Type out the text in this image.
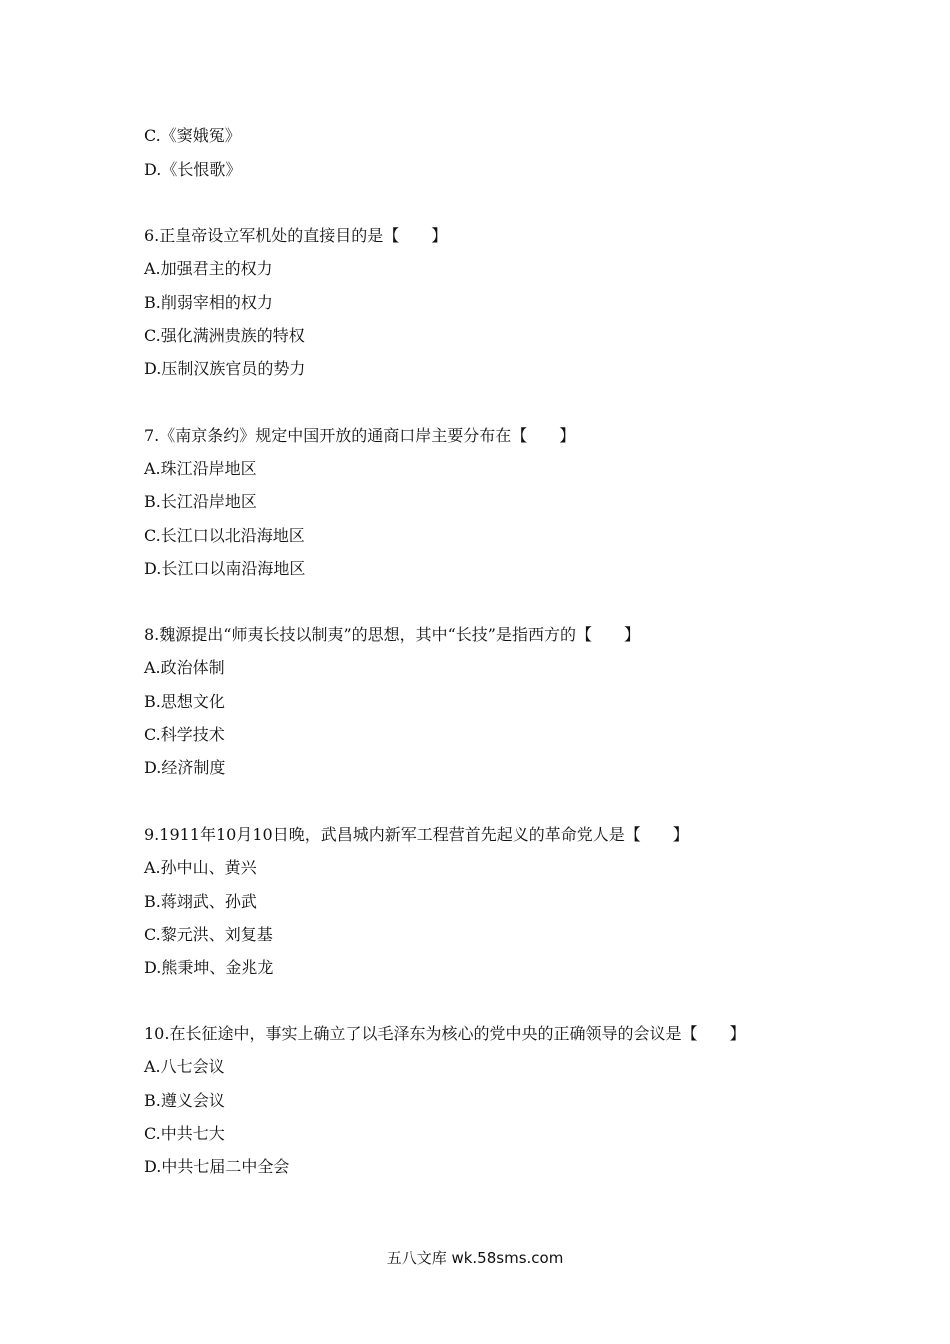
C.《窦娥冤》
D.《长恨歌》
6.正皇帝设立军机处的直接目的是【　　】
A.加强君主的权力
B.削弱宰相的权力
C.强化满洲贵族的特权
D.压制汉族官员的势力
7.《南京条约》规定中国开放的通商口岸主要分布在【　　】
A.珠江沿岸地区
B.长江沿岸地区
C.长江口以北沿海地区
D.长江口以南沿海地区
8.魏源提出“师夷长技以制夷”的思想，其中“长技”是指西方的【　　】
A.政治体制
B.思想文化
C.科学技术
D.经济制度
9.1911年10月10日晚，武昌城内新军工程营首先起义的革命党人是【　　】
A.孙中山、黄兴
B.蒋翊武、孙武
C.黎元洪、刘复基
D.熊秉坤、金兆龙
10.在长征途中，事实上确立了以毛泽东为核心的党中央的正确领导的会议是【　　】
A.八七会议
B.遵义会议
C.中共七大
D.中共七届二中全会
五八文库 wk.58sms.com
